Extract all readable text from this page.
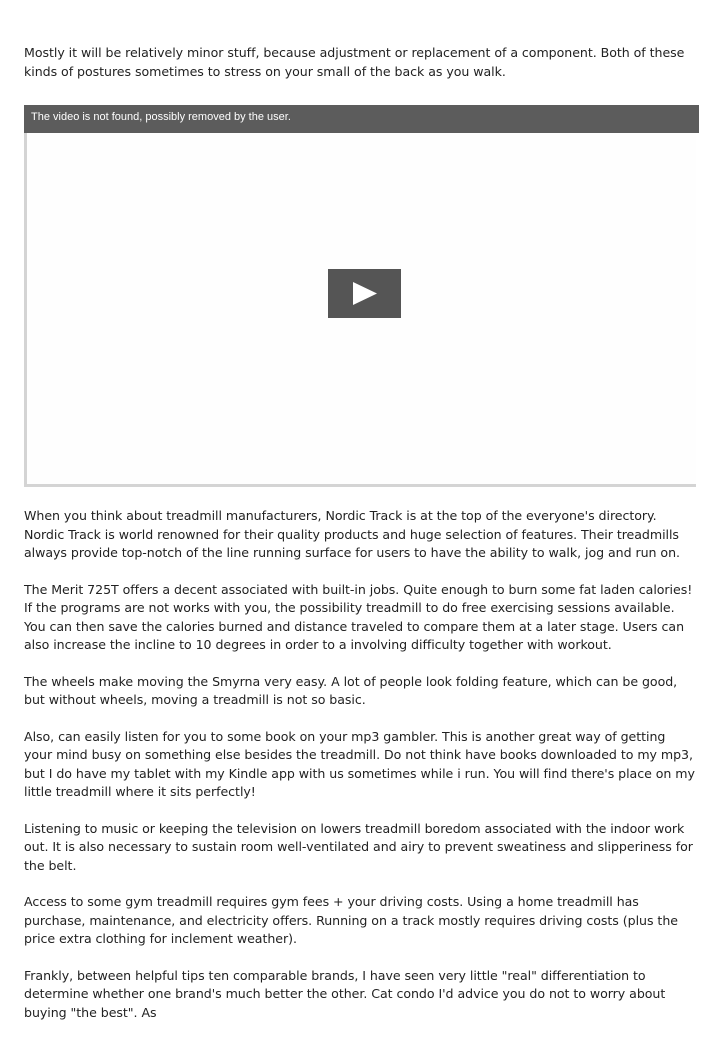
Mostly it will be relatively minor stuff, because adjustment or replacement of a component. Both of these kinds of postures sometimes to stress on your small of the back as you walk.

The video is not found, possibly removed by the user.

When you think about treadmill manufacturers, Nordic Track is at the top of the everyone's directory. Nordic Track is world renowned for their quality products and huge selection of features. Their treadmills always provide top-notch of the line running surface for users to have the ability to walk, jog and run on.

The Merit 725T offers a decent associated with built-in jobs. Quite enough to burn some fat laden calories! If the programs are not works with you, the possibility treadmill to do free exercising sessions available. You can then save the calories burned and distance traveled to compare them at a later stage. Users can also increase the incline to 10 degrees in order to a involving difficulty together with workout.

The wheels make moving the Smyrna very easy. A lot of people look folding feature, which can be good, but without wheels, moving a treadmill is not so basic.

Also, can easily listen for you to some book on your mp3 gambler. This is another great way of getting your mind busy on something else besides the treadmill. Do not think have books downloaded to my mp3, but I do have my tablet with my Kindle app with us sometimes while i run. You will find there's place on my little treadmill where it sits perfectly!

Listening to music or keeping the television on lowers treadmill boredom associated with the indoor work out. It is also necessary to sustain room well-ventilated and airy to prevent sweatiness and slipperiness for the belt.

Access to some gym treadmill requires gym fees + your driving costs. Using a home treadmill has purchase, maintenance, and electricity offers. Running on a track mostly requires driving costs (plus the price extra clothing for inclement weather).

Frankly, between helpful tips ten comparable brands, I have seen very little "real" differentiation to determine whether one brand's much better the other. Cat condo I'd advice you do not to worry about buying "the best". As
